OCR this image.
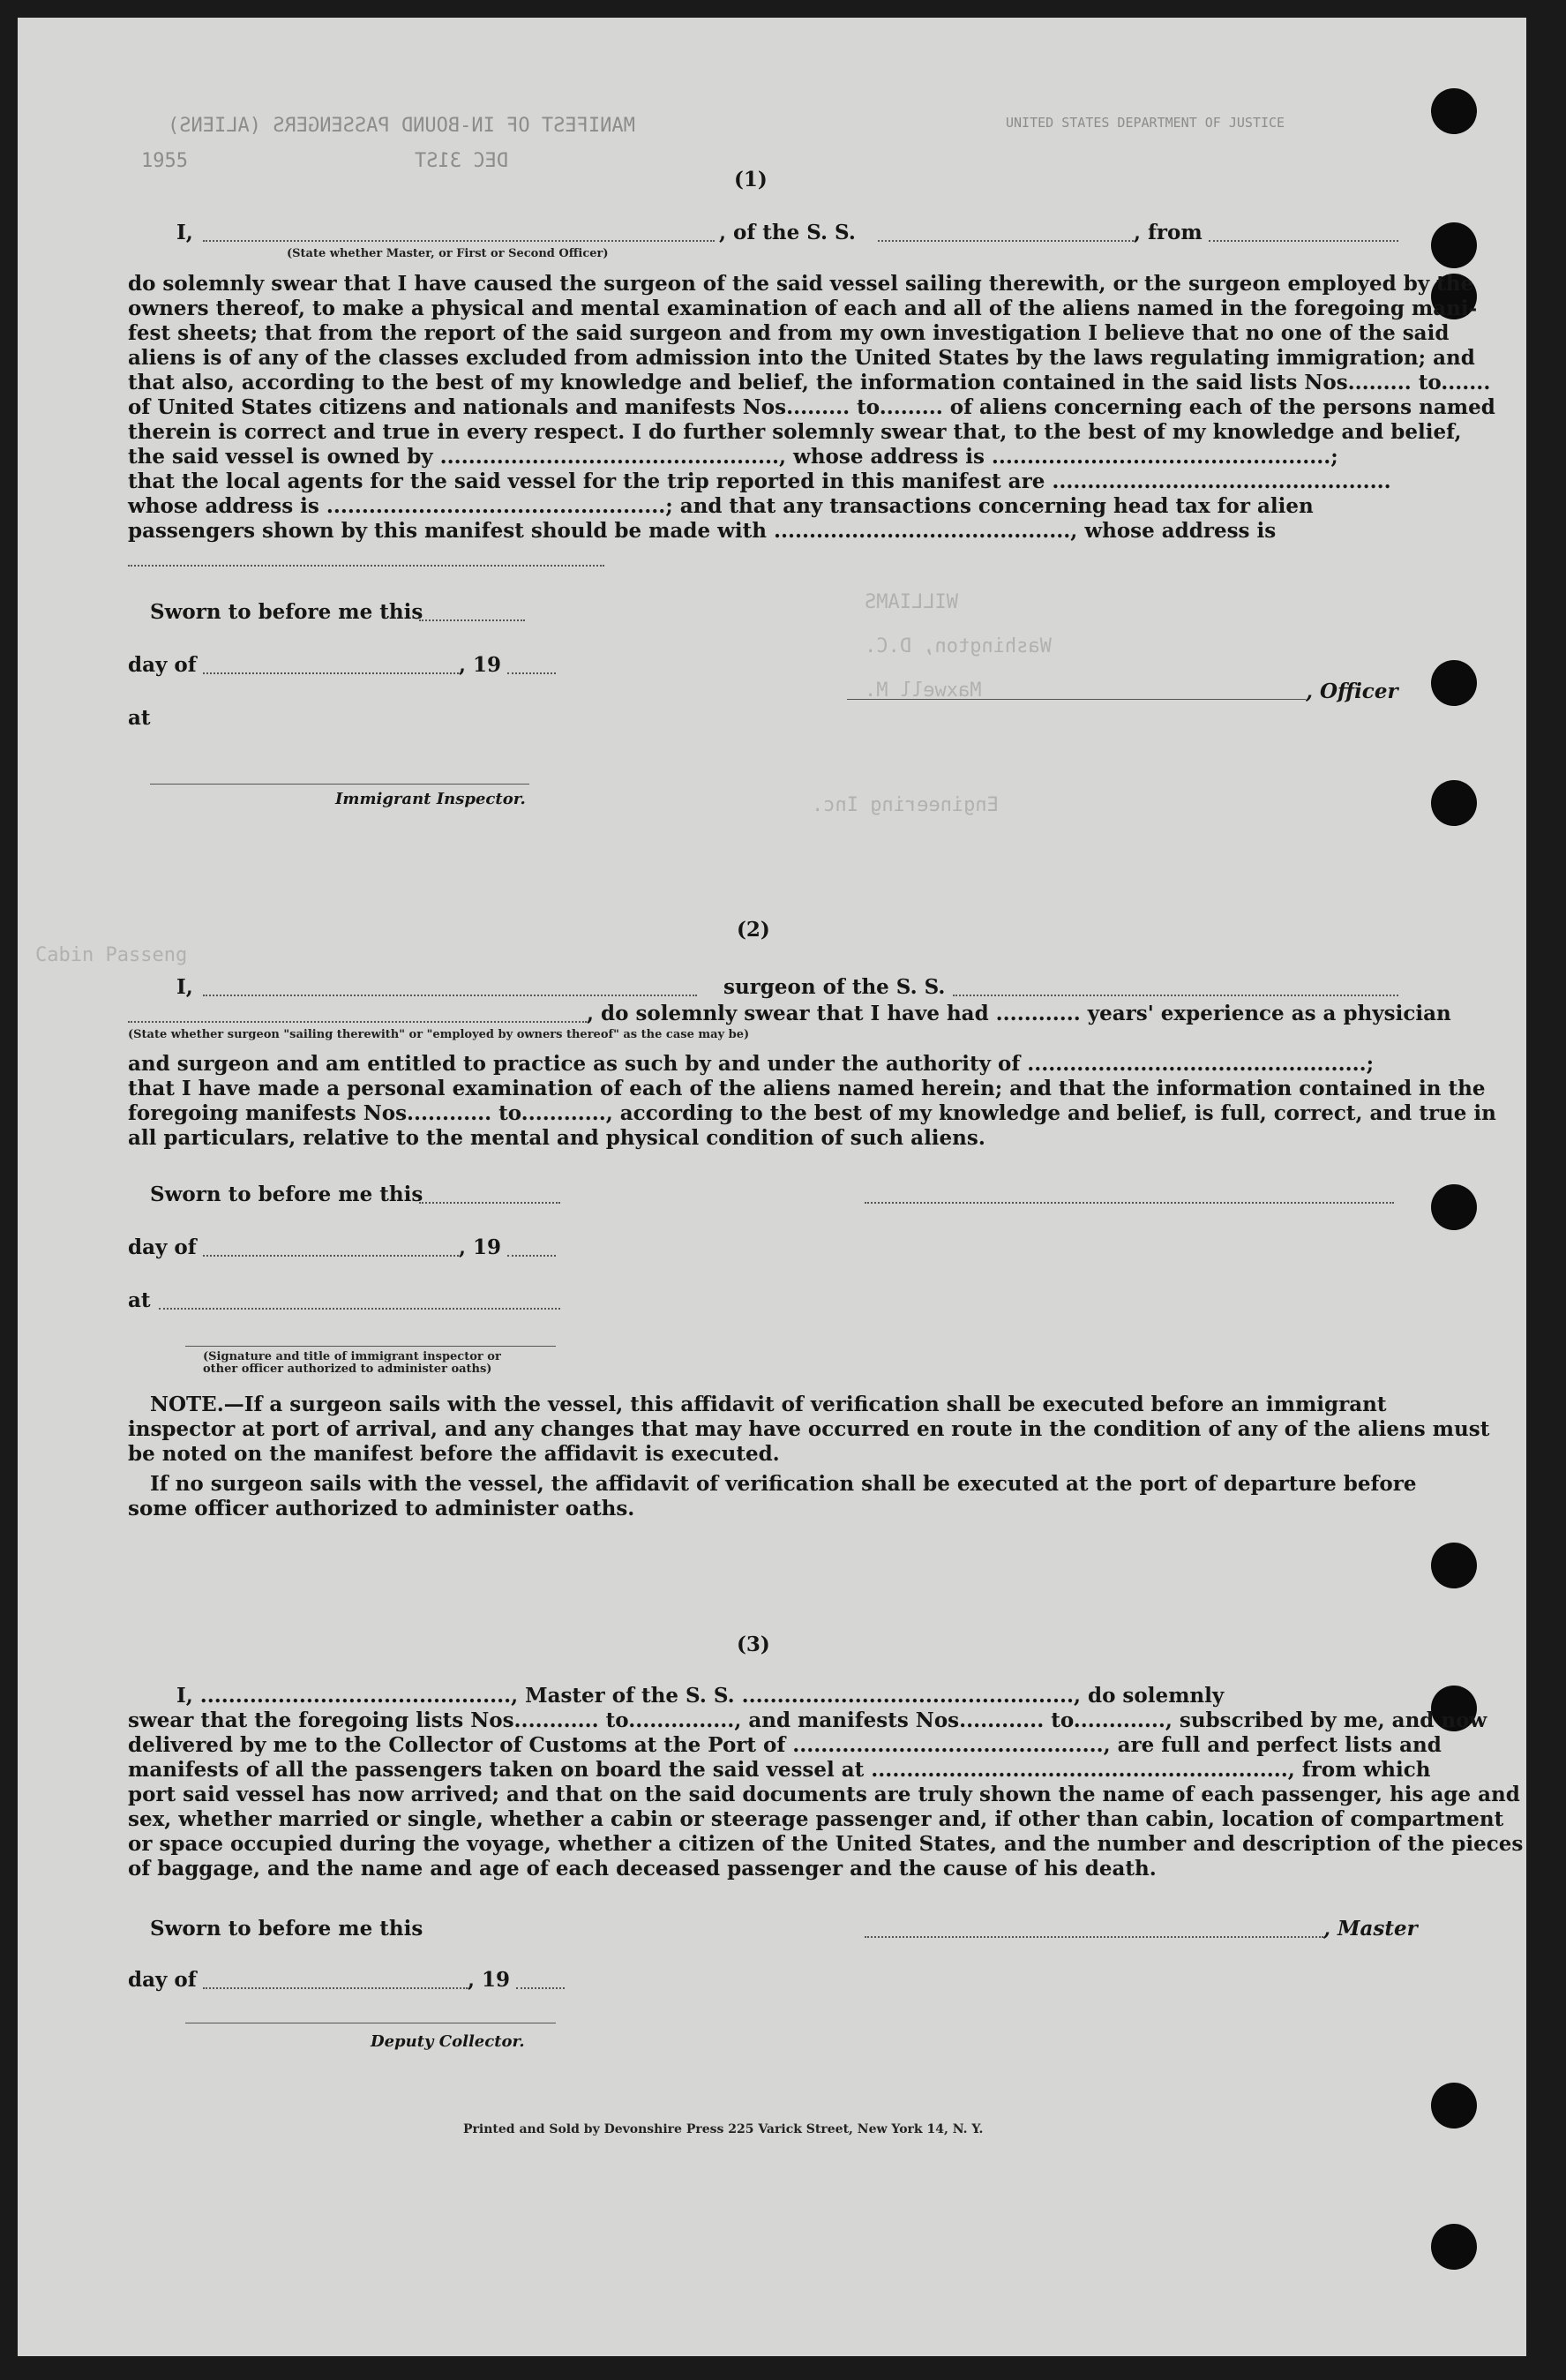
MANIFEST OF IN-BOUND PASSENGERS (ALIENS)	UNITED STATES DEPARTMENT OF JUSTICE
DEC 31ST
1955
Cabin Passeng
WILLIAMS
Washington, D.C.
Maxwell M.
Engineering Inc.
(1)
I,	, of the S. S.	, from
(State whether Master, or First or Second Officer)
do solemnly swear that I have caused the surgeon of the said vessel sailing therewith, or the surgeon employed by the
owners thereof, to make a physical and mental examination of each and all of the aliens named in the foregoing mani-
fest sheets; that from the report of the said surgeon and from my own investigation I believe that no one of the said
aliens is of any of the classes excluded from admission into the United States by the laws regulating immigration; and
that also, according to the best of my knowledge and belief, the information contained in the said lists Nos......... to.......
of United States citizens and nationals and manifests Nos......... to......... of aliens concerning each of the persons named
therein is correct and true in every respect. I do further solemnly swear that, to the best of my knowledge and belief,
the said vessel is owned by ................................................, whose address is ................................................;
that the local agents for the said vessel for the trip reported in this manifest are ................................................
whose address is ................................................; and that any transactions concerning head tax for alien
passengers shown by this manifest should be made with .........................................., whose address is
Sworn to before me this
day of	, 19
at
, Officer
Immigrant Inspector.
(2)
I,	surgeon of the S. S.
, do solemnly swear that I have had ............ years' experience as a physician
(State whether surgeon "sailing therewith" or "employed by owners thereof" as the case may be)
and surgeon and am entitled to practice as such by and under the authority of ................................................;
that I have made a personal examination of each of the aliens named herein; and that the information contained in the
foregoing manifests Nos............ to............, according to the best of my knowledge and belief, is full, correct, and true in
all particulars, relative to the mental and physical condition of such aliens.
Sworn to before me this
day of	, 19
at
(Signature and title of immigrant inspector or
other officer authorized to administer oaths)
NOTE.—If a surgeon sails with the vessel, this affidavit of verification shall be executed before an immigrant
inspector at port of arrival, and any changes that may have occurred en route in the condition of any of the aliens must
be noted on the manifest before the affidavit is executed.
If no surgeon sails with the vessel, the affidavit of verification shall be executed at the port of departure before
some officer authorized to administer oaths.
(3)
I, ............................................, Master of the S. S. ..............................................., do solemnly
swear that the foregoing lists Nos............ to..............., and manifests Nos............ to............., subscribed by me, and now
delivered by me to the Collector of Customs at the Port of ............................................, are full and perfect lists and
manifests of all the passengers taken on board the said vessel at ..........................................................., from which
port said vessel has now arrived; and that on the said documents are truly shown the name of each passenger, his age and
sex, whether married or single, whether a cabin or steerage passenger and, if other than cabin, location of compartment
or space occupied during the voyage, whether a citizen of the United States, and the number and description of the pieces
of baggage, and the name and age of each deceased passenger and the cause of his death.
Sworn to before me this	, Master
day of	, 19
Deputy Collector.
Printed and Sold by Devonshire Press 225 Varick Street, New York 14, N. Y.
